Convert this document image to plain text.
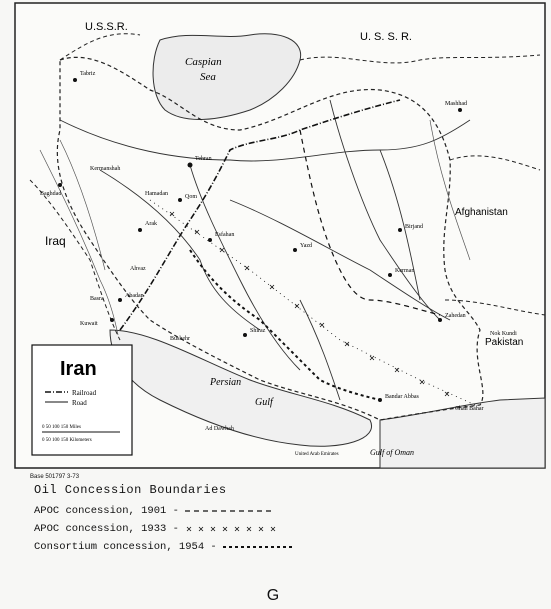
U.S.S.R.
U. S. S. R.
Caspian
Sea
Afghanistan
Pakistan
Iraq
Persian
Gulf
Gulf of Oman
Tabriz
Tehran
Baghdad
Mashhad
Esfahan
Yazd
Kerman
Zahedan
Shiraz
Kuwait
Basra
Bandar Abbas
Abadan
Birjand
Kermanshah
Hamadan	Qom
Arak
Ahvaz
Bushehr
Ad Dawhah
United Arab Emirates
Nok Kundi
Chah Bahar
Iran
Railroad
Road
0 50 100 150 Miles
0 50 100 150 Kilometers
Base 501797 3-73
Oil Concession Boundaries
APOC concession, 1901 -
APOC concession, 1933 -
Consortium concession, 1954 -
G
